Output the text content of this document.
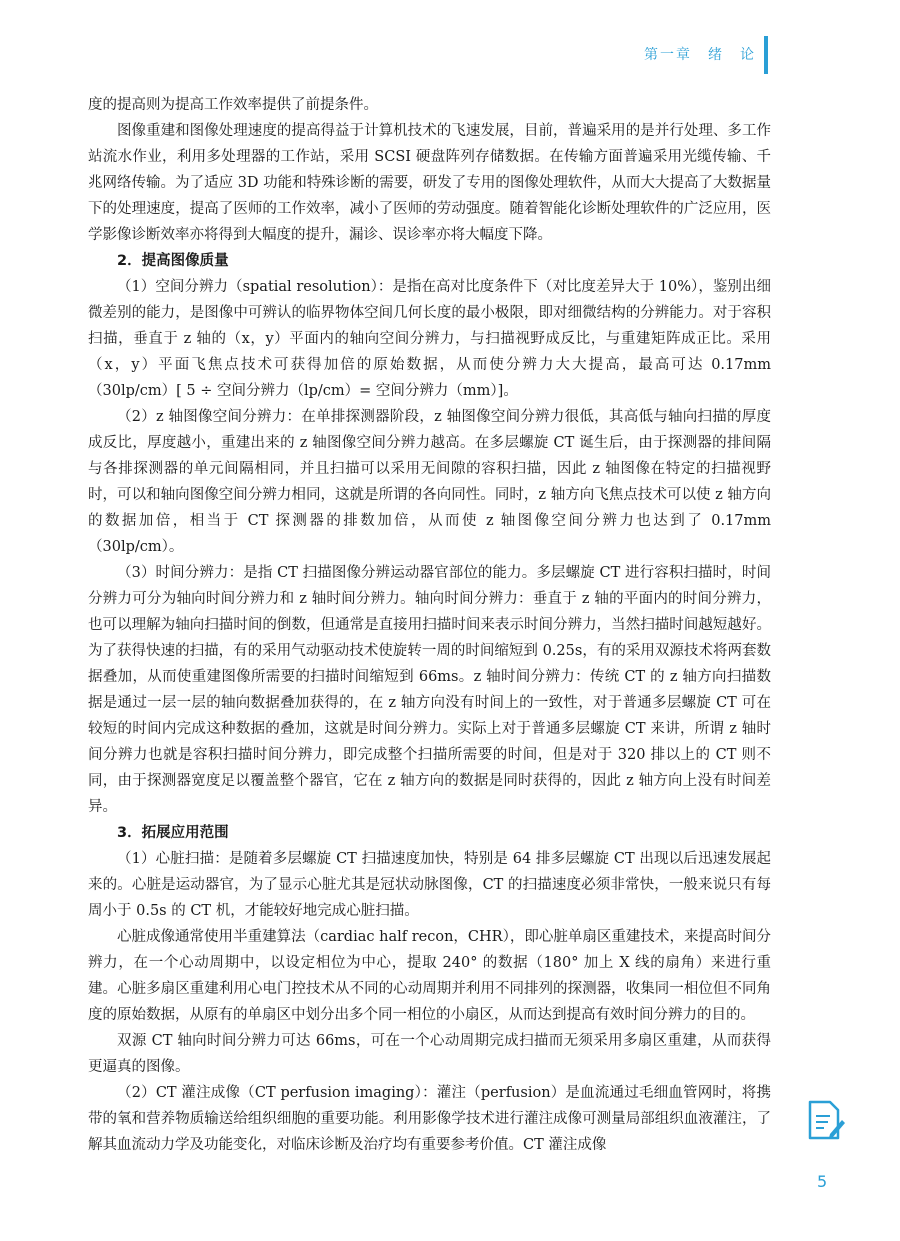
第一章　绪　论

度的提高则为提高工作效率提供了前提条件。

图像重建和图像处理速度的提高得益于计算机技术的飞速发展，目前，普遍采用的是并行处理、多工作站流水作业，利用多处理器的工作站，采用 SCSI 硬盘阵列存储数据。在传输方面普遍采用光缆传输、千兆网络传输。为了适应 3D 功能和特殊诊断的需要，研发了专用的图像处理软件，从而大大提高了大数据量下的处理速度，提高了医师的工作效率，减小了医师的劳动强度。随着智能化诊断处理软件的广泛应用，医学影像诊断效率亦将得到大幅度的提升，漏诊、误诊率亦将大幅度下降。

2．提高图像质量

（1）空间分辨力（spatial resolution）：是指在高对比度条件下（对比度差异大于 10%），鉴别出细微差别的能力，是图像中可辨认的临界物体空间几何长度的最小极限，即对细微结构的分辨能力。对于容积扫描，垂直于 z 轴的（x，y）平面内的轴向空间分辨力，与扫描视野成反比，与重建矩阵成正比。采用（x，y）平面飞焦点技术可获得加倍的原始数据，从而使分辨力大大提高，最高可达 0.17mm（30lp/cm）[ 5 ÷ 空间分辨力（lp/cm）= 空间分辨力（mm）]。

（2）z 轴图像空间分辨力：在单排探测器阶段，z 轴图像空间分辨力很低，其高低与轴向扫描的厚度成反比，厚度越小，重建出来的 z 轴图像空间分辨力越高。在多层螺旋 CT 诞生后，由于探测器的排间隔与各排探测器的单元间隔相同，并且扫描可以采用无间隙的容积扫描，因此 z 轴图像在特定的扫描视野时，可以和轴向图像空间分辨力相同，这就是所谓的各向同性。同时，z 轴方向飞焦点技术可以使 z 轴方向的数据加倍，相当于 CT 探测器的排数加倍，从而使 z 轴图像空间分辨力也达到了 0.17mm（30lp/cm）。

（3）时间分辨力：是指 CT 扫描图像分辨运动器官部位的能力。多层螺旋 CT 进行容积扫描时，时间分辨力可分为轴向时间分辨力和 z 轴时间分辨力。轴向时间分辨力：垂直于 z 轴的平面内的时间分辨力，也可以理解为轴向扫描时间的倒数，但通常是直接用扫描时间来表示时间分辨力，当然扫描时间越短越好。为了获得快速的扫描，有的采用气动驱动技术使旋转一周的时间缩短到 0.25s，有的采用双源技术将两套数据叠加，从而使重建图像所需要的扫描时间缩短到 66ms。z 轴时间分辨力：传统 CT 的 z 轴方向扫描数据是通过一层一层的轴向数据叠加获得的，在 z 轴方向没有时间上的一致性，对于普通多层螺旋 CT 可在较短的时间内完成这种数据的叠加，这就是时间分辨力。实际上对于普通多层螺旋 CT 来讲，所谓 z 轴时间分辨力也就是容积扫描时间分辨力，即完成整个扫描所需要的时间，但是对于 320 排以上的 CT 则不同，由于探测器宽度足以覆盖整个器官，它在 z 轴方向的数据是同时获得的，因此 z 轴方向上没有时间差异。

3．拓展应用范围

（1）心脏扫描：是随着多层螺旋 CT 扫描速度加快，特别是 64 排多层螺旋 CT 出现以后迅速发展起来的。心脏是运动器官，为了显示心脏尤其是冠状动脉图像，CT 的扫描速度必须非常快，一般来说只有每周小于 0.5s 的 CT 机，才能较好地完成心脏扫描。

心脏成像通常使用半重建算法（cardiac half recon，CHR），即心脏单扇区重建技术，来提高时间分辨力，在一个心动周期中，以设定相位为中心，提取 240° 的数据（180° 加上 X 线的扇角）来进行重建。心脏多扇区重建利用心电门控技术从不同的心动周期并利用不同排列的探测器，收集同一相位但不同角度的原始数据，从原有的单扇区中划分出多个同一相位的小扇区，从而达到提高有效时间分辨力的目的。

双源 CT 轴向时间分辨力可达 66ms，可在一个心动周期完成扫描而无须采用多扇区重建，从而获得更逼真的图像。

（2）CT 灌注成像（CT perfusion imaging）：灌注（perfusion）是血流通过毛细血管网时，将携带的氧和营养物质输送给组织细胞的重要功能。利用影像学技术进行灌注成像可测量局部组织血液灌注，了解其血流动力学及功能变化，对临床诊断及治疗均有重要参考价值。CT 灌注成像

5
